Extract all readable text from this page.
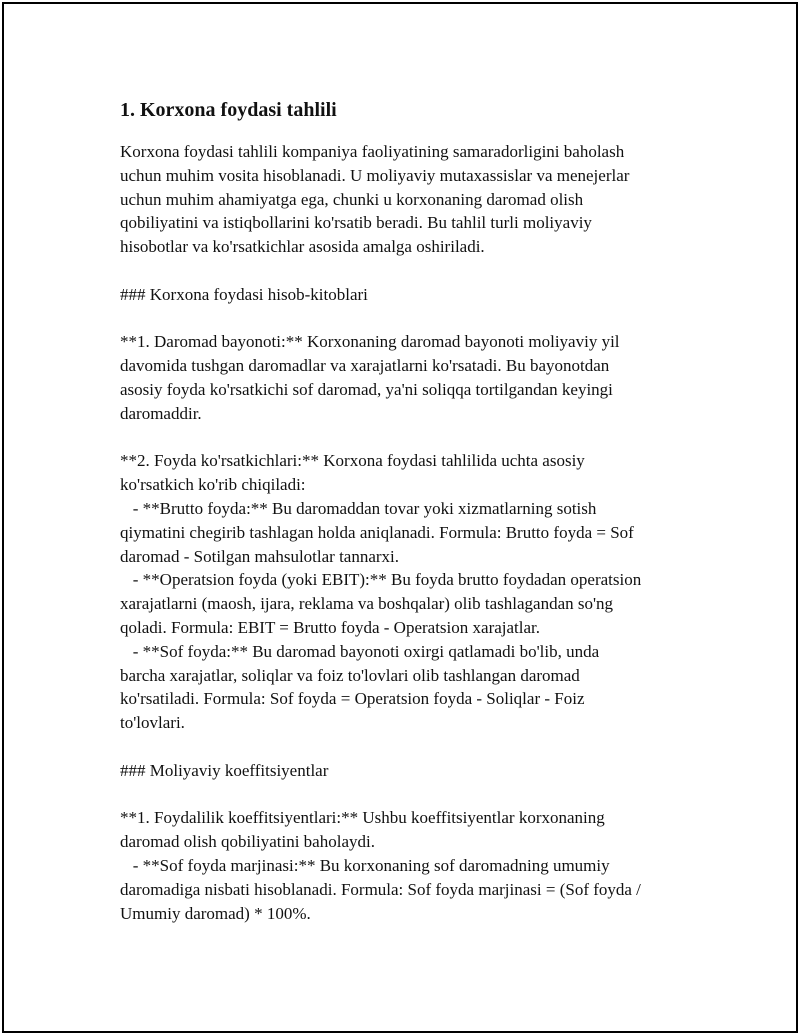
1. Korxona foydasi tahlili
Korxona foydasi tahlili kompaniya faoliyatining samaradorligini baholash
uchun muhim vosita hisoblanadi. U moliyaviy mutaxassislar va menejerlar
uchun muhim ahamiyatga ega, chunki u korxonaning daromad olish
qobiliyatini va istiqbollarini ko'rsatib beradi. Bu tahlil turli moliyaviy
hisobotlar va ko'rsatkichlar asosida amalga oshiriladi.
### Korxona foydasi hisob-kitoblari
**1. Daromad bayonoti:** Korxonaning daromad bayonoti moliyaviy yil
davomida tushgan daromadlar va xarajatlarni ko'rsatadi. Bu bayonotdan
asosiy foyda ko'rsatkichi sof daromad, ya'ni soliqqa tortilgandan keyingi
daromaddir.
**2. Foyda ko'rsatkichlari:** Korxona foydasi tahlilida uchta asosiy
ko'rsatkich ko'rib chiqiladi:
- **Brutto foyda:** Bu daromaddan tovar yoki xizmatlarning sotish
qiymatini chegirib tashlagan holda aniqlanadi. Formula: Brutto foyda = Sof
daromad - Sotilgan mahsulotlar tannarxi.
- **Operatsion foyda (yoki EBIT):** Bu foyda brutto foydadan operatsion
xarajatlarni (maosh, ijara, reklama va boshqalar) olib tashlagandan so'ng
qoladi. Formula: EBIT = Brutto foyda - Operatsion xarajatlar.
- **Sof foyda:** Bu daromad bayonoti oxirgi qatlamadi bo'lib, unda
barcha xarajatlar, soliqlar va foiz to'lovlari olib tashlangan daromad
ko'rsatiladi. Formula: Sof foyda = Operatsion foyda - Soliqlar - Foiz
to'lovlari.
### Moliyaviy koeffitsiyentlar
**1. Foydalilik koeffitsiyentlari:** Ushbu koeffitsiyentlar korxonaning
daromad olish qobiliyatini baholaydi.
- **Sof foyda marjinasi:** Bu korxonaning sof daromadning umumiy
daromadiga nisbati hisoblanadi. Formula: Sof foyda marjinasi = (Sof foyda /
Umumiy daromad) * 100%.
